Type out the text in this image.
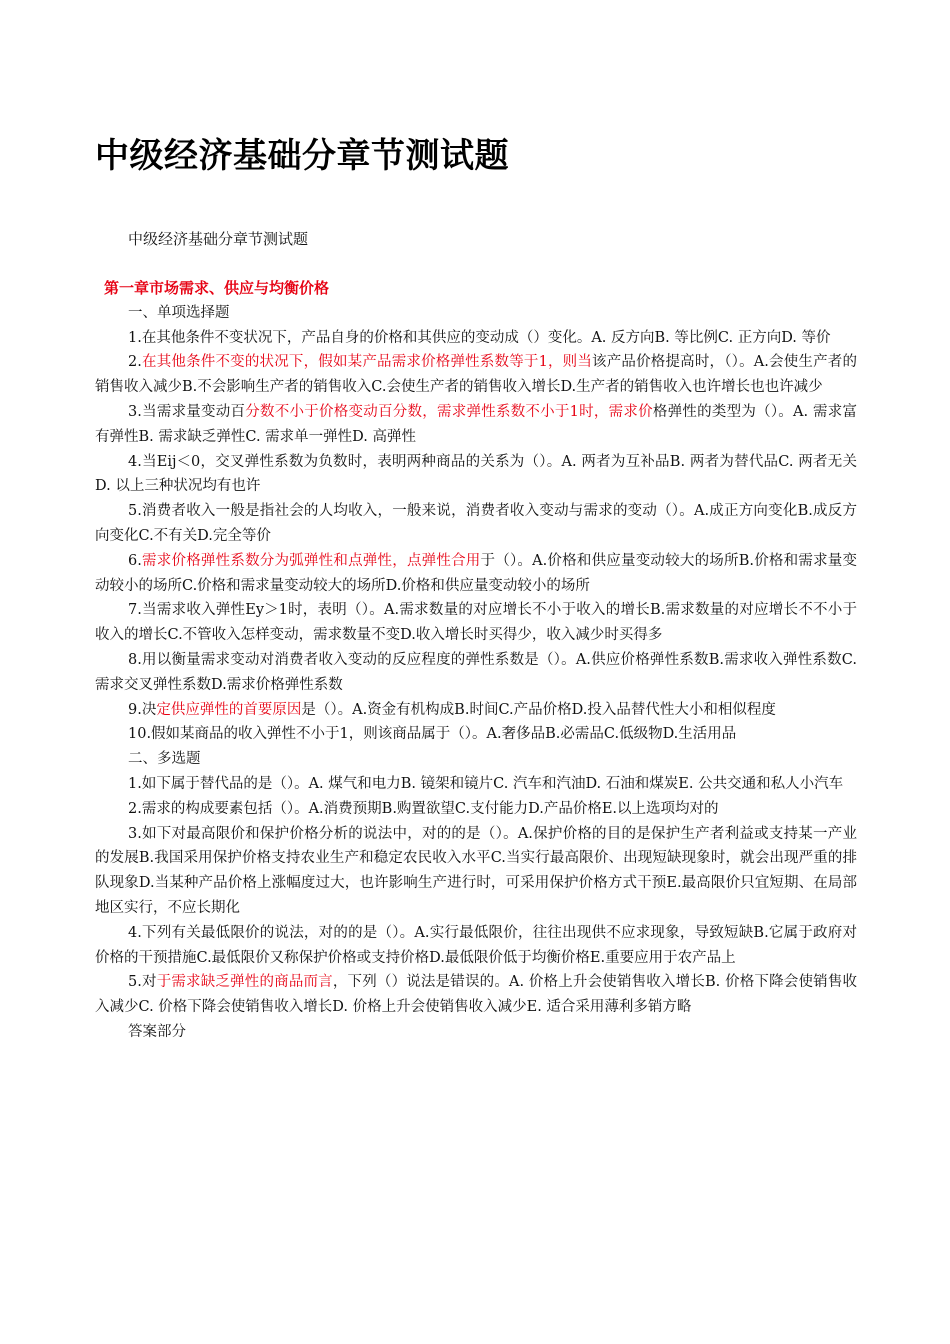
中级经济基础分章节测试题
中级经济基础分章节测试题

第一章市场需求、供应与均衡价格

一、单项选择题

1.在其他条件不变状况下，产品自身的价格和其供应的变动成（）变化。A. 反方向B. 等比例C. 正方向D. 等价

2.在其他条件不变的状况下，假如某产品需求价格弹性系数等于1，则当该产品价格提高时，（）。A.会使生产者的销售收入减少B.不会影响生产者的销售收入C.会使生产者的销售收入增长D.生产者的销售收入也许增长也也许减少

3.当需求量变动百分数不小于价格变动百分数，需求弹性系数不小于1时，需求价格弹性的类型为（）。A. 需求富有弹性B. 需求缺乏弹性C. 需求单一弹性D. 高弹性

4.当Eij＜0，交叉弹性系数为负数时，表明两种商品的关系为（）。A. 两者为互补品B. 两者为替代品C. 两者无关D. 以上三种状况均有也许

5.消费者收入一般是指社会的人均收入，一般来说，消费者收入变动与需求的变动（）。A.成正方向变化B.成反方向变化C.不有关D.完全等价

6.需求价格弹性系数分为弧弹性和点弹性，点弹性合用于（）。A.价格和供应量变动较大的场所B.价格和需求量变动较小的场所C.价格和需求量变动较大的场所D.价格和供应量变动较小的场所

7.当需求收入弹性Ey＞1时，表明（）。A.需求数量的对应增长不小于收入的增长B.需求数量的对应增长不不小于收入的增长C.不管收入怎样变动，需求数量不变D.收入增长时买得少，收入减少时买得多

8.用以衡量需求变动对消费者收入变动的反应程度的弹性系数是（）。A.供应价格弹性系数B.需求收入弹性系数C.需求交叉弹性系数D.需求价格弹性系数

9.决定供应弹性的首要原因是（）。A.资金有机构成B.时间C.产品价格D.投入品替代性大小和相似程度

10.假如某商品的收入弹性不小于1，则该商品属于（）。A.奢侈品B.必需品C.低级物D.生活用品

二、多选题

1.如下属于替代品的是（）。A. 煤气和电力B. 镜架和镜片C. 汽车和汽油D. 石油和煤炭E. 公共交通和私人小汽车

2.需求的构成要素包括（）。A.消费预期B.购置欲望C.支付能力D.产品价格E.以上选项均对的

3.如下对最高限价和保护价格分析的说法中，对的的是（）。A.保护价格的目的是保护生产者利益或支持某一产业的发展B.我国采用保护价格支持农业生产和稳定农民收入水平C.当实行最高限价、出现短缺现象时，就会出现严重的排队现象D.当某种产品价格上涨幅度过大，也许影响生产进行时，可采用保护价格方式干预E.最高限价只宜短期、在局部地区实行，不应长期化

4.下列有关最低限价的说法，对的的是（）。A.实行最低限价，往往出现供不应求现象，导致短缺B.它属于政府对价格的干预措施C.最低限价又称保护价格或支持价格D.最低限价低于均衡价格E.重要应用于农产品上

5.对于需求缺乏弹性的商品而言，下列（）说法是错误的。A. 价格上升会使销售收入增长B. 价格下降会使销售收入减少C. 价格下降会使销售收入增长D. 价格上升会使销售收入减少E. 适合采用薄利多销方略

答案部分
